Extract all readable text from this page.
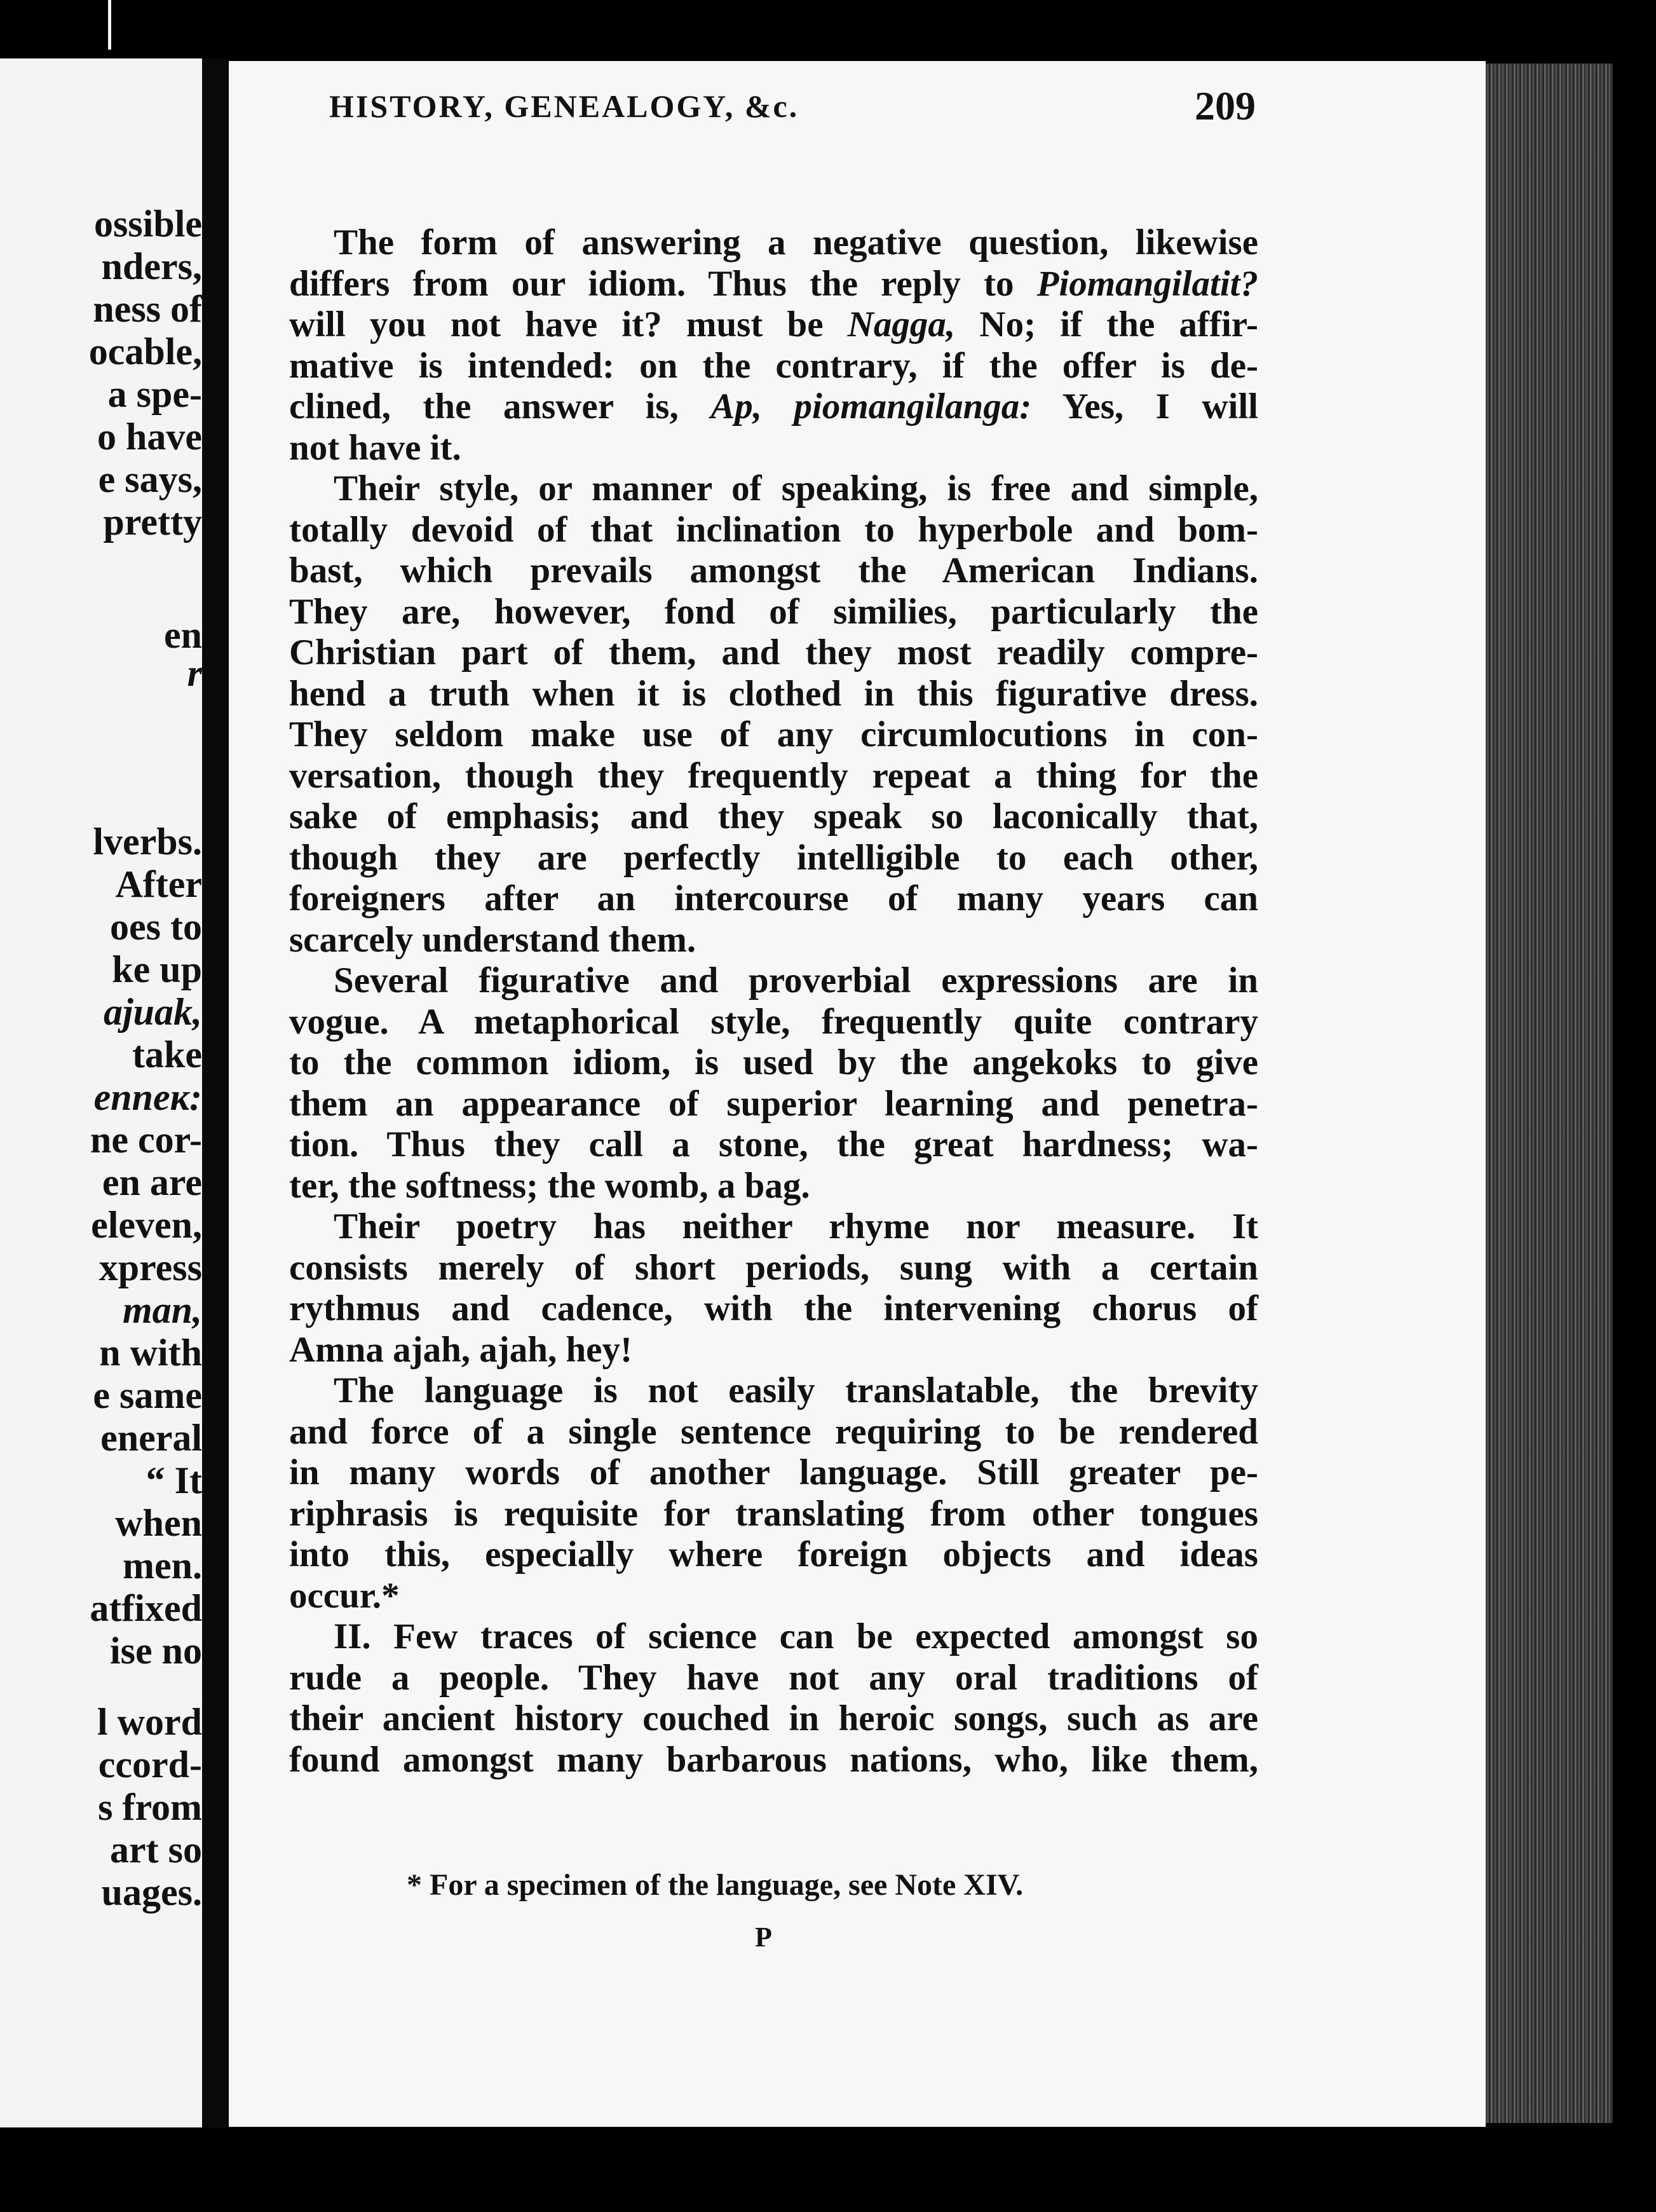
ossible
nders,
ness of
ocable,
a spe-
o have
e says,
pretty
en
r
lverbs.
After
oes to
ke up
ajuak,
take
enneк:
ne cor-
en are
eleven,
xpress
man,
n with
e same
eneral
“ It
when
men.
atfixed
ise no
l word
ccord-
s from
art so
uages.
HISTORY, GENEALOGY, &c.	209
The form of answering a negative question, likewise
differs from our idiom. Thus the reply to Piomangilatit?
will you not have it? must be Nagga, No; if the affir-
mative is intended: on the contrary, if the offer is de-
clined, the answer is, Ap, piomangilanga: Yes, I will
not have it.
Their style, or manner of speaking, is free and simple,
totally devoid of that inclination to hyperbole and bom-
bast, which prevails amongst the American Indians.
They are, however, fond of similies, particularly the
Christian part of them, and they most readily compre-
hend a truth when it is clothed in this figurative dress.
They seldom make use of any circumlocutions in con-
versation, though they frequently repeat a thing for the
sake of emphasis; and they speak so laconically that,
though they are perfectly intelligible to each other,
foreigners after an intercourse of many years can
scarcely understand them.
Several figurative and proverbial expressions are in
vogue. A metaphorical style, frequently quite contrary
to the common idiom, is used by the angekoks to give
them an appearance of superior learning and penetra-
tion. Thus they call a stone, the great hardness; wa-
ter, the softness; the womb, a bag.
Their poetry has neither rhyme nor measure. It
consists merely of short periods, sung with a certain
rythmus and cadence, with the intervening chorus of
Amna ajah, ajah, hey!
The language is not easily translatable, the brevity
and force of a single sentence requiring to be rendered
in many words of another language. Still greater pe-
riphrasis is requisite for translating from other tongues
into this, especially where foreign objects and ideas
occur.*
II. Few traces of science can be expected amongst so
rude a people. They have not any oral traditions of
their ancient history couched in heroic songs, such as are
found amongst many barbarous nations, who, like them,
* For a specimen of the language, see Note XIV.
P
